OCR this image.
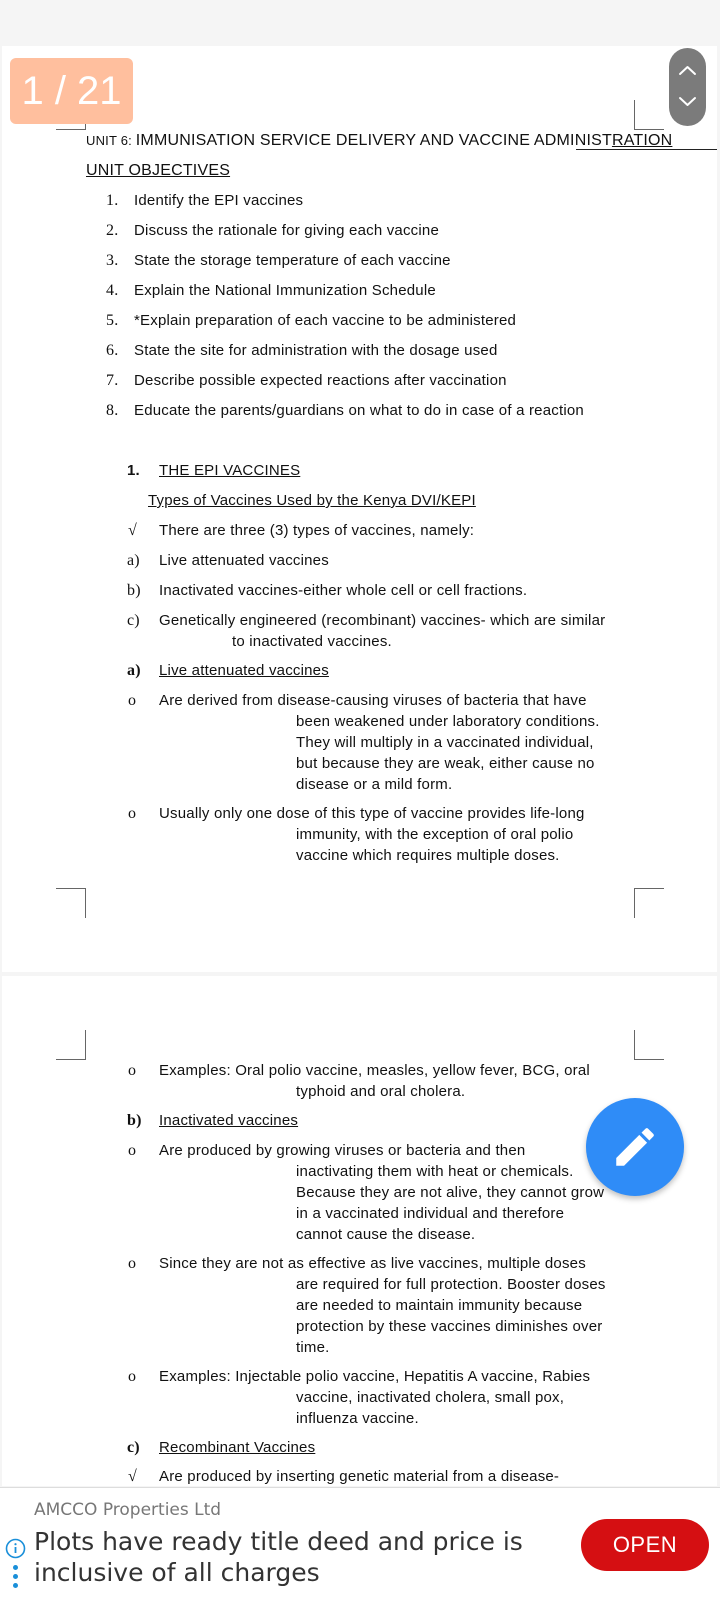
UNIT 6: IMMUNISATION SERVICE DELIVERY AND VACCINE ADMINISTRATION
UNIT OBJECTIVES
1. Identify the EPI vaccines
2. Discuss the rationale for giving each vaccine
3. State the storage temperature of each vaccine
4. Explain the National Immunization Schedule
5. *Explain preparation of each vaccine to be administered
6. State the site for administration with the dosage used
7. Describe possible expected reactions after vaccination
8. Educate the parents/guardians on what to do in case of a reaction
1. THE EPI VACCINES
Types of Vaccines Used by the Kenya DVI/KEPI
√ There are three (3) types of vaccines, namely:
a) Live attenuated vaccines
b) Inactivated vaccines-either whole cell or cell fractions.
c) Genetically engineered (recombinant) vaccines- which are similar
to inactivated vaccines.
a) Live attenuated vaccines
o Are derived from disease-causing viruses of bacteria that have
been weakened under laboratory conditions.
They will multiply in a vaccinated individual,
but because they are weak, either cause no
disease or a mild form.
o Usually only one dose of this type of vaccine provides life-long
immunity, with the exception of oral polio
vaccine which requires multiple doses.
o Examples: Oral polio vaccine, measles, yellow fever, BCG, oral
typhoid and oral cholera.
b) Inactivated vaccines
o Are produced by growing viruses or bacteria and then
inactivating them with heat or chemicals.
Because they are not alive, they cannot grow
in a vaccinated individual and therefore
cannot cause the disease.
o Since they are not as effective as live vaccines, multiple doses
are required for full protection. Booster doses
are needed to maintain immunity because
protection by these vaccines diminishes over
time.
o Examples: Injectable polio vaccine, Hepatitis A vaccine, Rabies
vaccine, inactivated cholera, small pox,
influenza vaccine.
c) Recombinant Vaccines
√ Are produced by inserting genetic material from a disease-
1 / 21
AMCCO Properties Ltd
Plots have ready title deed and price is
inclusive of all charges
OPEN
